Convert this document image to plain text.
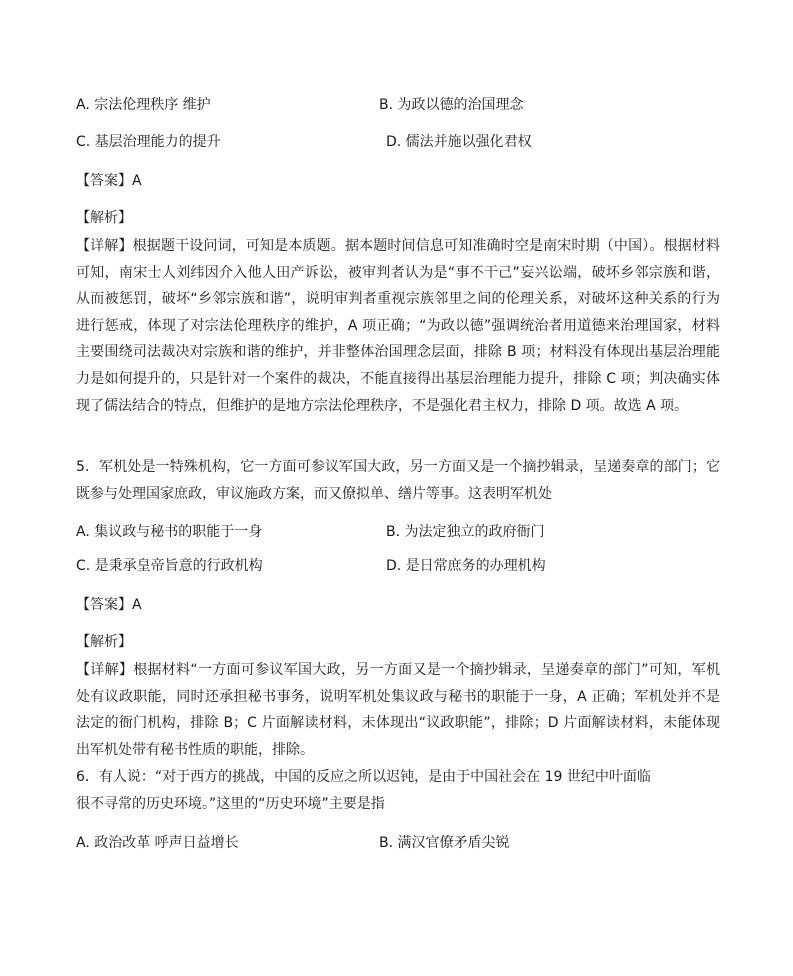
A. 宗法伦理秩序 维护	B. 为政以德的治国理念
C. 基层治理能力的提升	D. 儒法并施以强化君权
【答案】A
【解析】
【详解】根据题干设问词，可知是本质题。据本题时间信息可知准确时空是南宋时期（中国）。根据材料可知，南宋士人刘纬因介入他人田产诉讼，被审判者认为是“事不干己”妄兴讼端，破坏乡邻宗族和谐，从而被惩罚，破坏“乡邻宗族和谐”，说明审判者重视宗族邻里之间的伦理关系，对破坏这种关系的行为进行惩戒，体现了对宗法伦理秩序的维护，A 项正确；“为政以德”强调统治者用道德来治理国家，材料主要围绕司法裁决对宗族和谐的维护，并非整体治国理念层面，排除 B 项；材料没有体现出基层治理能力是如何提升的，只是针对一个案件的裁决，不能直接得出基层治理能力提升，排除 C 项；判决确实体现了儒法结合的特点，但维护的是地方宗法伦理秩序，不是强化君主权力，排除 D 项。故选 A 项。
5．军机处是一特殊机构，它一方面可参议军国大政，另一方面又是一个摘抄辑录，呈递奏章的部门；它既参与处理国家庶政，审议施政方案，而又僚拟单、缮片等事。这表明军机处
A. 集议政与秘书的职能于一身	B. 为法定独立的政府衙门
C. 是秉承皇帝旨意的行政机构	D. 是日常庶务的办理机构
【答案】A
【解析】
【详解】根据材料“一方面可参议军国大政，另一方面又是一个摘抄辑录，呈递奏章的部门”可知，军机处有议政职能，同时还承担秘书事务，说明军机处集议政与秘书的职能于一身，A 正确；军机处并不是法定的衙门机构，排除 B；C 片面解读材料，未体现出“议政职能”，排除；D 片面解读材料，未能体现出军机处带有秘书性质的职能，排除。
6．有人说：“对于西方的挑战，中国的反应之所以迟钝，是由于中国社会在 19 世纪中叶面临
很不寻常的历史环境。”这里的“历史环境”主要是指
A. 政治改革 呼声日益增长	B. 满汉官僚矛盾尖锐
